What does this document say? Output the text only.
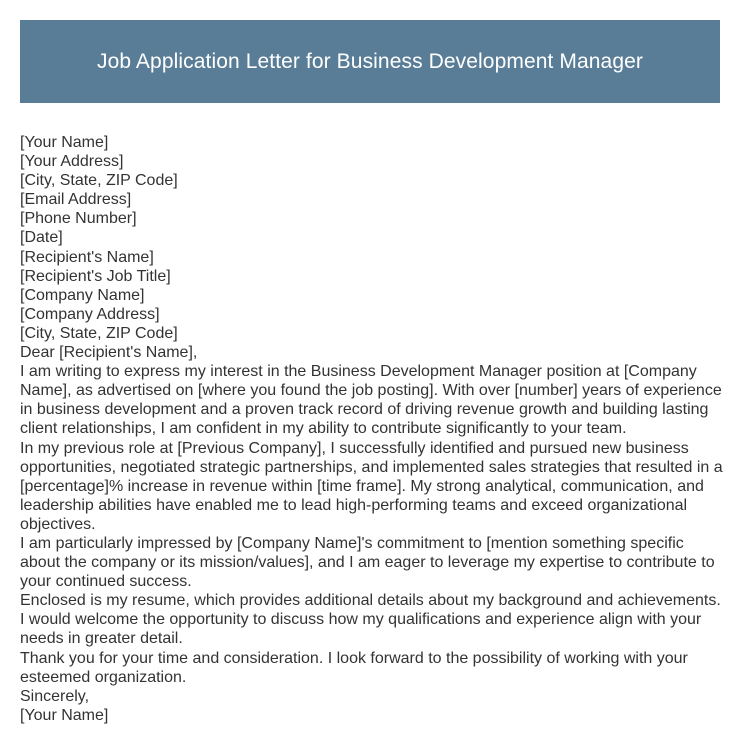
Job Application Letter for Business Development Manager

[Your Name]

[Your Address]

[City, State, ZIP Code]

[Email Address]

[Phone Number]

[Date]

[Recipient's Name]

[Recipient's Job Title]

[Company Name]

[Company Address]

[City, State, ZIP Code]

Dear [Recipient's Name],

I am writing to express my interest in the Business Development Manager position at [Company Name], as advertised on [where you found the job posting]. With over [number] years of experience in business development and a proven track record of driving revenue growth and building lasting client relationships, I am confident in my ability to contribute significantly to your team.

In my previous role at [Previous Company], I successfully identified and pursued new business opportunities, negotiated strategic partnerships, and implemented sales strategies that resulted in a [percentage]% increase in revenue within [time frame]. My strong analytical, communication, and leadership abilities have enabled me to lead high-performing teams and exceed organizational objectives.

I am particularly impressed by [Company Name]'s commitment to [mention something specific about the company or its mission/values], and I am eager to leverage my expertise to contribute to your continued success.

Enclosed is my resume, which provides additional details about my background and achievements. I would welcome the opportunity to discuss how my qualifications and experience align with your needs in greater detail.

Thank you for your time and consideration. I look forward to the possibility of working with your esteemed organization.

Sincerely,

[Your Name]
